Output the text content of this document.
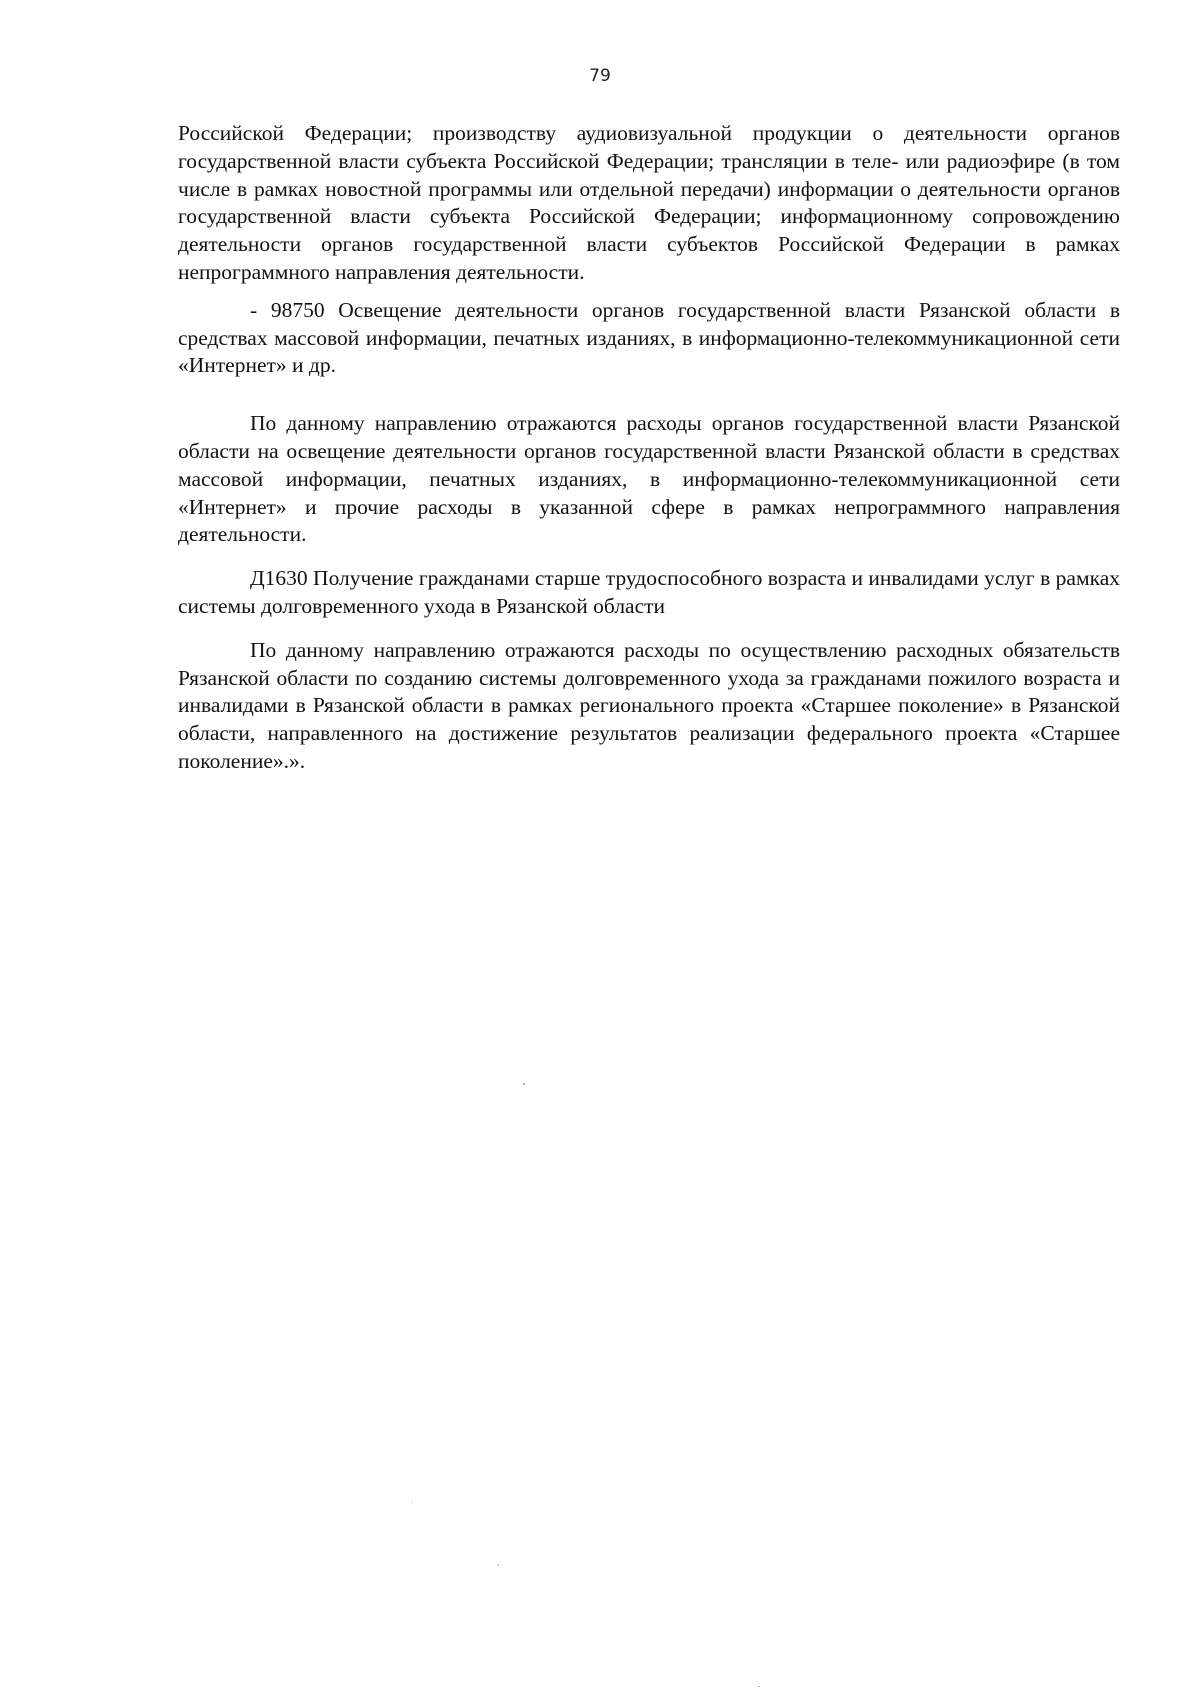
79

Российской Федерации; производству аудиовизуальной продукции о деятельности органов государственной власти субъекта Российской Федерации; трансляции в теле- или радиоэфире (в том числе в рамках новостной программы или отдельной передачи) информации о деятельности органов государственной власти субъекта Российской Федерации; информационному сопровождению деятельности органов государственной власти субъектов Российской Федерации в рамках непрограммного направления деятельности.

- 98750 Освещение деятельности органов государственной власти Рязанской области в средствах массовой информации, печатных изданиях, в информационно-телекоммуникационной сети «Интернет» и др.

По данному направлению отражаются расходы органов государственной власти Рязанской области на освещение деятельности органов государственной власти Рязанской области в средствах массовой информации, печатных изданиях, в информационно-телекоммуникационной сети «Интернет» и прочие расходы в указанной сфере в рамках непрограммного направления деятельности.

Д1630 Получение гражданами старше трудоспособного возраста и инвалидами услуг в рамках системы долговременного ухода в Рязанской области

По данному направлению отражаются расходы по осуществлению расходных обязательств Рязанской области по созданию системы долговременного ухода за гражданами пожилого возраста и инвалидами в Рязанской области в рамках регионального проекта «Старшее поколение» в Рязанской области, направленного на достижение результатов реализации федерального проекта «Старшее поколение».».
